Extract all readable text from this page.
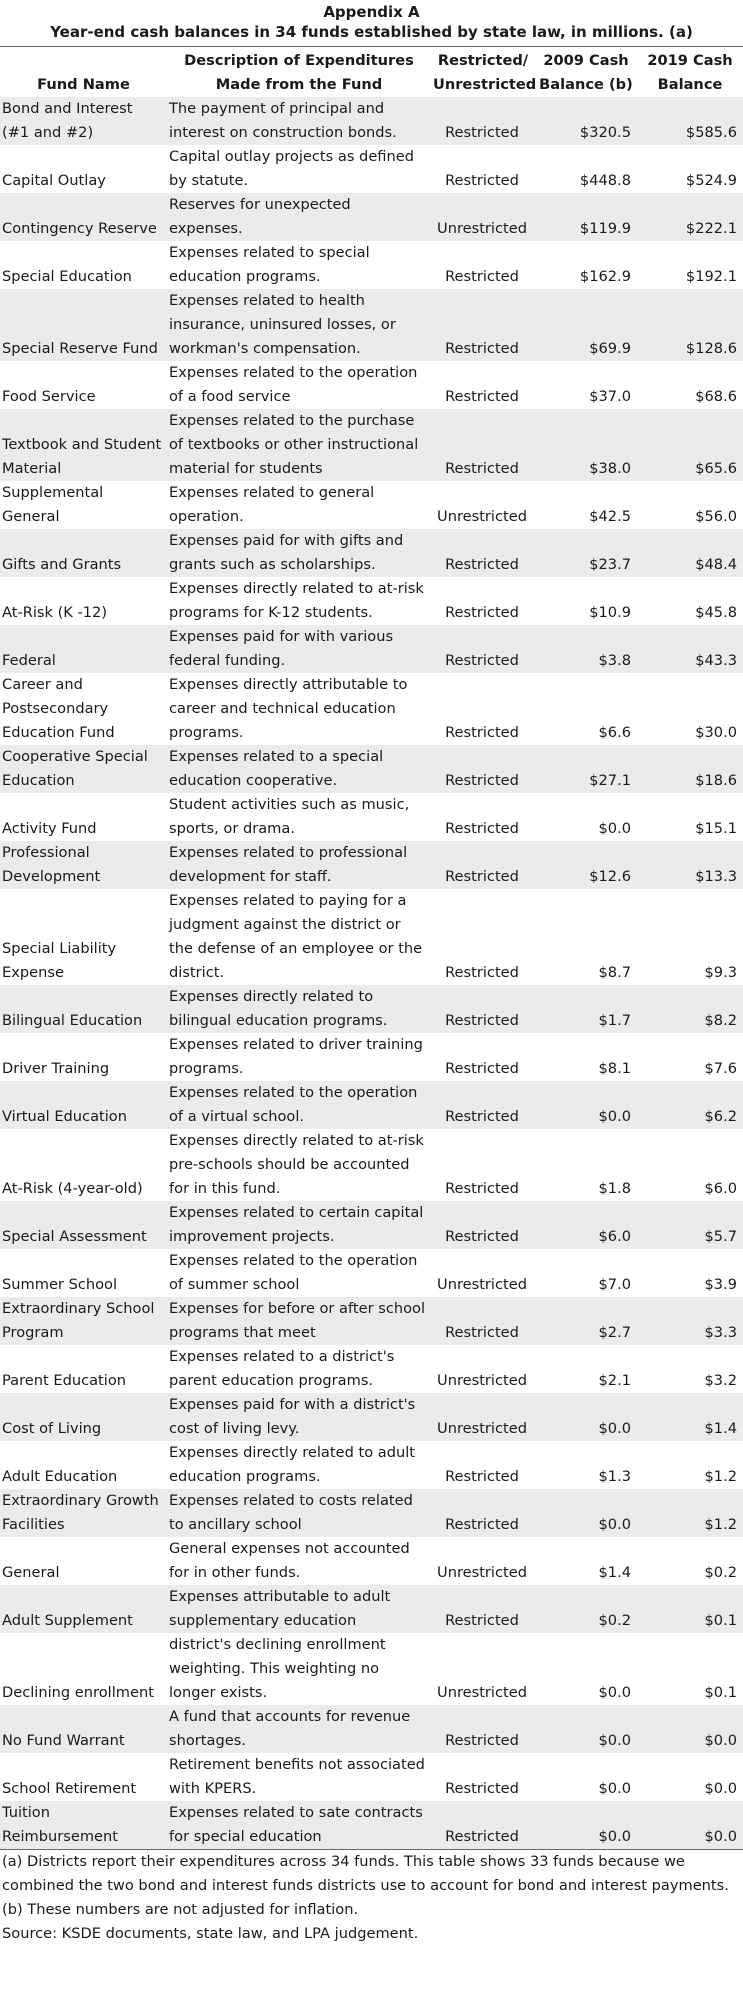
Appendix A
Year-end cash balances in 34 funds established by state law, in millions. (a)
Fund Name	Description of Expenditures Made from the Fund	Restricted/ Unrestricted	2009 Cash Balance (b)	2019 Cash Balance
Bond and Interest (#1 and #2)	The payment of principal and interest on construction bonds.	Restricted	$320.5	$585.6
Capital Outlay	Capital outlay projects as defined by statute.	Restricted	$448.8	$524.9
Contingency Reserve	Reserves for unexpected expenses.	Unrestricted	$119.9	$222.1
Special Education	Expenses related to special education programs.	Restricted	$162.9	$192.1
Special Reserve Fund	Expenses related to health insurance, uninsured losses, or workman's compensation.	Restricted	$69.9	$128.6
Food Service	Expenses related to the operation of a food service	Restricted	$37.0	$68.6
Textbook and Student Material	Expenses related to the purchase of textbooks or other instructional material for students	Restricted	$38.0	$65.6
Supplemental General	Expenses related to general operation.	Unrestricted	$42.5	$56.0
Gifts and Grants	Expenses paid for with gifts and grants such as scholarships.	Restricted	$23.7	$48.4
At-Risk (K -12)	Expenses directly related to at-risk programs for K-12 students.	Restricted	$10.9	$45.8
Federal	Expenses paid for with various federal funding.	Restricted	$3.8	$43.3
Career and Postsecondary Education Fund	Expenses directly attributable to career and technical education programs.	Restricted	$6.6	$30.0
Cooperative Special Education	Expenses related to a special education cooperative.	Restricted	$27.1	$18.6
Activity Fund	Student activities such as music, sports, or drama.	Restricted	$0.0	$15.1
Professional Development	Expenses related to professional development for staff.	Restricted	$12.6	$13.3
Special Liability Expense	Expenses related to paying for a judgment against the district or the defense of an employee or the district.	Restricted	$8.7	$9.3
Bilingual Education	Expenses directly related to bilingual education programs.	Restricted	$1.7	$8.2
Driver Training	Expenses related to driver training programs.	Restricted	$8.1	$7.6
Virtual Education	Expenses related to the operation of a virtual school.	Restricted	$0.0	$6.2
At-Risk (4-year-old)	Expenses directly related to at-risk pre-schools should be accounted for in this fund.	Restricted	$1.8	$6.0
Special Assessment	Expenses related to certain capital improvement projects.	Restricted	$6.0	$5.7
Summer School	Expenses related to the operation of summer school	Unrestricted	$7.0	$3.9
Extraordinary School Program	Expenses for before or after school programs that meet	Restricted	$2.7	$3.3
Parent Education	Expenses related to a district's parent education programs.	Unrestricted	$2.1	$3.2
Cost of Living	Expenses paid for with a district's cost of living levy.	Unrestricted	$0.0	$1.4
Adult Education	Expenses directly related to adult education programs.	Restricted	$1.3	$1.2
Extraordinary Growth Facilities	Expenses related to costs related to ancillary school	Restricted	$0.0	$1.2
General	General expenses not accounted for in other funds.	Unrestricted	$1.4	$0.2
Adult Supplement	Expenses attributable to adult supplementary education	Restricted	$0.2	$0.1
Declining enrollment	district's declining enrollment weighting. This weighting no longer exists.	Unrestricted	$0.0	$0.1
No Fund Warrant	A fund that accounts for revenue shortages.	Restricted	$0.0	$0.0
School Retirement	Retirement benefits not associated with KPERS.	Restricted	$0.0	$0.0
Tuition Reimbursement	Expenses related to sate contracts for special education	Restricted	$0.0	$0.0
(a) Districts report their expenditures across 34 funds. This table shows 33 funds because we combined the two bond and interest funds districts use to account for bond and interest payments.
(b) These numbers are not adjusted for inflation.
Source: KSDE documents, state law, and LPA judgement.
